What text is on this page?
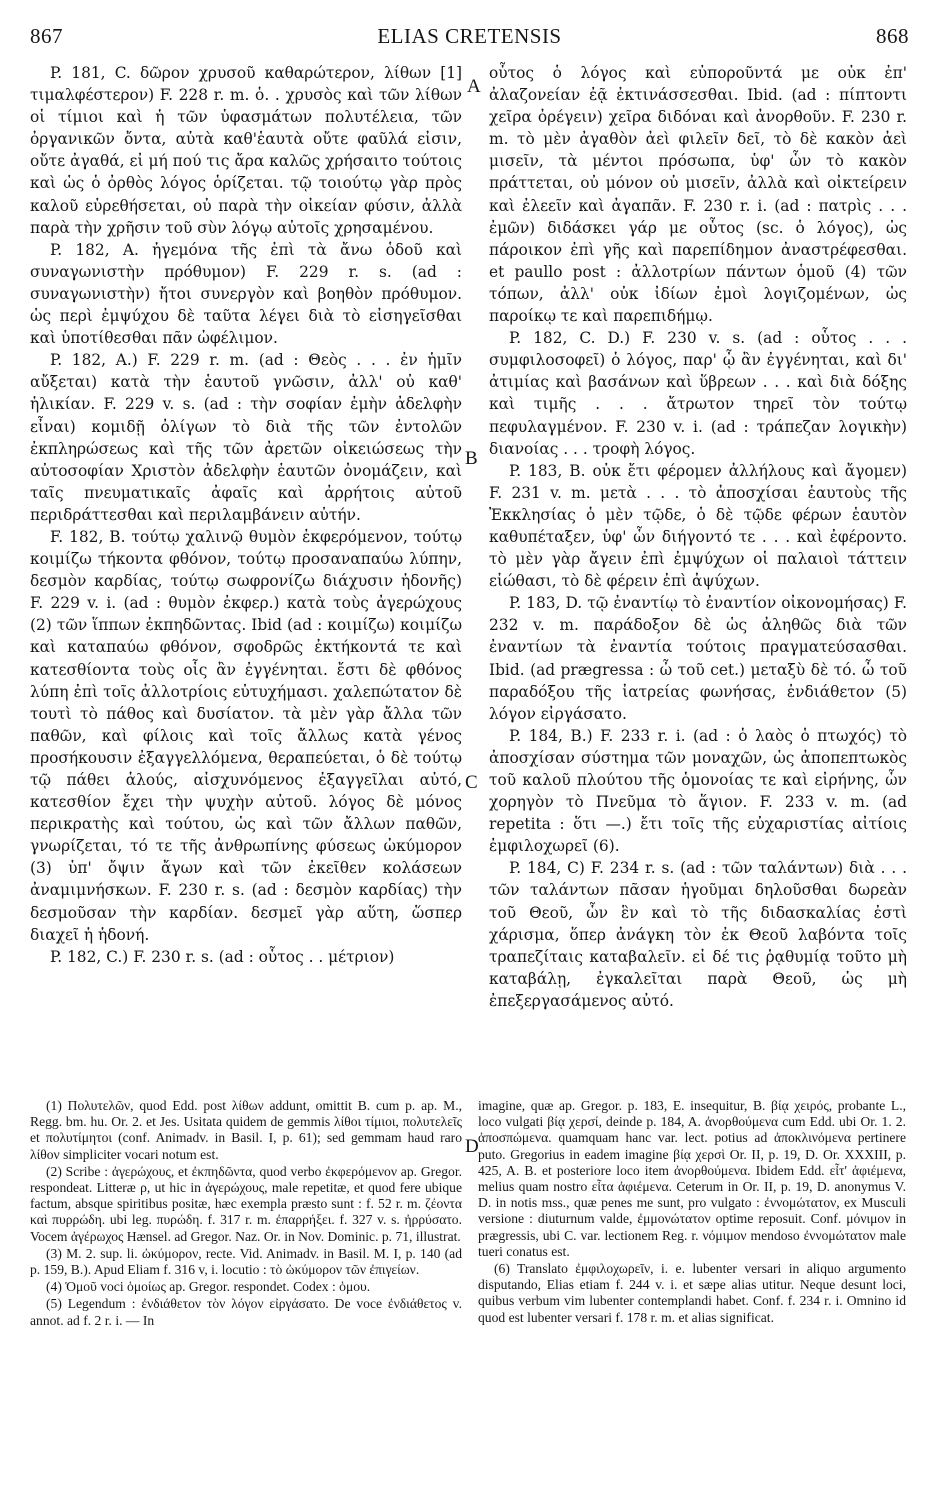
867	ELIAS CRETENSIS	868

P. 181, C. δῶρον χρυσοῦ καθαρώτερον, λίθων [1] τιμαλφέστερον) F. 228 r. m. ὁ. . χρυσὸς καὶ τῶν λίθων οἱ τίμιοι καὶ ἡ τῶν ὑφασμάτων πολυτέλεια, τῶν ὀργανικῶν ὄντα, αὐτὰ καθ'ἑαυτὰ οὔτε φαῦλά εἰσιν, οὔτε ἀγαθά, εἰ μή πού τις ἄρα καλῶς χρήσαιτο τούτοις καὶ ὡς ὁ ὀρθὸς λόγος ὁρίζεται. τῷ τοιούτῳ γὰρ πρὸς καλοῦ εὑρεθήσεται, οὐ παρὰ τὴν οἰκείαν φύσιν, ἀλλὰ παρὰ τὴν χρῆσιν τοῦ σὺν λόγῳ αὐτοῖς χρησαμένου.

P. 182, A. ἡγεμόνα τῆς ἐπὶ τὰ ἄνω ὁδοῦ καὶ συναγωνιστὴν πρόθυμον) F. 229 r. s. (ad : συναγωνιστὴν) ἤτοι συνεργὸν καὶ βοηθὸν πρόθυμον. ὡς περὶ ἐμψύχου δὲ ταῦτα λέγει διὰ τὸ εἰσηγεῖσθαι καὶ ὑποτίθεσθαι πᾶν ὠφέλιμον.

P. 182, A.) F. 229 r. m. (ad : Θεὸς . . . ἐν ἡμῖν αὔξεται) κατὰ τὴν ἑαυτοῦ γνῶσιν, ἀλλ' οὐ καθ' ἡλικίαν. F. 229 v. s. (ad : τὴν σοφίαν ἐμὴν ἀδελφὴν εἶναι) κομιδῇ ὀλίγων τὸ διὰ τῆς τῶν ἐντολῶν ἐκπληρώσεως καὶ τῆς τῶν ἀρετῶν οἰκειώσεως τὴν αὐτοσοφίαν Χριστὸν ἀδελφὴν ἑαυτῶν ὀνομάζειν, καὶ ταῖς πνευματικαῖς ἀφαῖς καὶ ἀρρήτοις αὐτοῦ περιδράττεσθαι καὶ περιλαμβάνειν αὐτήν.

F. 182, B. τούτῳ χαλινῷ θυμὸν ἐκφερόμενον, τούτῳ κοιμίζω τήκοντα φθόνον, τούτῳ προσαναπαύω λύπην, δεσμὸν καρδίας, τούτῳ σωφρονίζω διάχυσιν ἡδονῆς) F. 229 v. i. (ad : θυμὸν ἐκφερ.) κατὰ τοὺς ἀγερώχους (2) τῶν ἵππων ἐκπηδῶντας. Ibid (ad : κοιμίζω) κοιμίζω καὶ καταπαύω φθόνον, σφοδρῶς ἐκτήκοντά τε καὶ κατεσθίοντα τοὺς οἷς ἂν ἐγγένηται. ἔστι δὲ φθόνος λύπη ἐπὶ τοῖς ἀλλοτρίοις εὐτυχήμασι. χαλεπώτατον δὲ τουτὶ τὸ πάθος καὶ δυσίατον. τὰ μὲν γὰρ ἄλλα τῶν παθῶν, καὶ φίλοις καὶ τοῖς ἄλλως κατὰ γένος προσήκουσιν ἐξαγγελλόμενα, θεραπεύεται, ὁ δὲ τούτῳ τῷ πάθει ἁλούς, αἰσχυνόμενος ἐξαγγεῖλαι αὐτό, κατεσθίον ἔχει τὴν ψυχὴν αὐτοῦ. λόγος δὲ μόνος περικρατὴς καὶ τούτου, ὡς καὶ τῶν ἄλλων παθῶν, γνωρίζεται, τό τε τῆς ἀνθρωπίνης φύσεως ὠκύμορον (3) ὑπ' ὄψιν ἄγων καὶ τῶν ἐκεῖθεν κολάσεων ἀναμιμνήσκων. F. 230 r. s. (ad : δεσμὸν καρδίας) τὴν δεσμοῦσαν τὴν καρδίαν. δεσμεῖ γὰρ αὕτη, ὥσπερ διαχεῖ ἡ ἡδονή.

P. 182, C.) F. 230 r. s. (ad : οὗτος . . μέτριον)

A
B
C
D

οὗτος ὁ λόγος καὶ εὐποροῦντά με οὐκ ἐπ' ἀλαζονείαν ἐᾷ ἐκτινάσσεσθαι. Ibid. (ad : πίπτοντι χεῖρα ὀρέγειν) χεῖρα διδόναι καὶ ἀνορθοῦν. F. 230 r. m. τὸ μὲν ἀγαθὸν ἀεὶ φιλεῖν δεῖ, τὸ δὲ κακὸν ἀεὶ μισεῖν, τὰ μέντοι πρόσωπα, ὑφ' ὧν τὸ κακὸν πράττεται, οὐ μόνον οὐ μισεῖν, ἀλλὰ καὶ οἰκτείρειν καὶ ἐλεεῖν καὶ ἀγαπᾶν. F. 230 r. i. (ad : πατρὶς . . . ἐμῶν) διδάσκει γάρ με οὗτος (sc. ὁ λόγος), ὡς πάροικον ἐπὶ γῆς καὶ παρεπίδημον ἀναστρέφεσθαι. et paullo post : ἀλλοτρίων πάντων ὁμοῦ (4) τῶν τόπων, ἀλλ' οὐκ ἰδίων ἐμοὶ λογιζομένων, ὡς παροίκῳ τε καὶ παρεπιδήμῳ.

P. 182, C. D.) F. 230 v. s. (ad : οὗτος . . . συμφιλοσοφεῖ) ὁ λόγος, παρ' ᾧ ἂν ἐγγένηται, καὶ δι' ἀτιμίας καὶ βασάνων καὶ ὕβρεων . . . καὶ διὰ δόξης καὶ τιμῆς . . . ἄτρωτον τηρεῖ τὸν τούτῳ πεφυλαγμένον. F. 230 v. i. (ad : τράπεζαν λογικὴν) διανοίας . . . τροφὴ λόγος.

P. 183, B. οὐκ ἔτι φέρομεν ἀλλήλους καὶ ἄγομεν) F. 231 v. m. μετὰ . . . τὸ ἀποσχίσαι ἑαυτοὺς τῆς Ἐκκλησίας ὁ μὲν τῷδε, ὁ δὲ τῷδε φέρων ἑαυτὸν καθυπέταξεν, ὑφ' ὧν διήγοντό τε . . . καὶ ἐφέροντο. τὸ μὲν γὰρ ἄγειν ἐπὶ ἐμψύχων οἱ παλαιοὶ τάττειν εἰώθασι, τὸ δὲ φέρειν ἐπὶ ἀψύχων.

P. 183, D. τῷ ἐναντίῳ τὸ ἐναντίον οἰκονομήσας) F. 232 v. m. παράδοξον δὲ ὡς ἀληθῶς διὰ τῶν ἐναντίων τὰ ἐναντία τούτοις πραγματεύσασθαι. Ibid. (ad prægressa : ὦ τοῦ cet.) μεταξὺ δὲ τό. ὦ τοῦ παραδόξου τῆς ἰατρείας φωνήσας, ἐνδιάθετον (5) λόγον εἰργάσατο.

P. 184, B.) F. 233 r. i. (ad : ὁ λαὸς ὁ πτωχός) τὸ ἀποσχίσαν σύστημα τῶν μοναχῶν, ὡς ἀποπεπτωκὸς τοῦ καλοῦ πλούτου τῆς ὁμονοίας τε καὶ εἰρήνης, ὧν χορηγὸν τὸ Πνεῦμα τὸ ἅγιον. F. 233 v. m. (ad repetita : ὅτι —.) ἔτι τοῖς τῆς εὐχαριστίας αἰτίοις ἐμφιλοχωρεῖ (6).

P. 184, C) F. 234 r. s. (ad : τῶν ταλάντων) διὰ . . . τῶν ταλάντων πᾶσαν ἡγοῦμαι δηλοῦσθαι δωρεὰν τοῦ Θεοῦ, ὧν ἓν καὶ τὸ τῆς διδασκαλίας ἐστὶ χάρισμα, ὅπερ ἀνάγκη τὸν ἐκ Θεοῦ λαβόντα τοῖς τραπεζίταις καταβαλεῖν. εἰ δέ τις ῥᾳθυμίᾳ τοῦτο μὴ καταβάλῃ, ἐγκαλεῖται παρὰ Θεοῦ, ὡς μὴ ἐπεξεργασάμενος αὐτό.

(1) Πολυτελῶν, quod Edd. post λίθων addunt, omittit B. cum p. ap. M., Regg. bm. hu. Or. 2. et Jes. Usitata quidem de gemmis λίθοι τίμιοι, πολυτελεῖς et πολυτίμητοι (conf. Animadv. in Basil. I, p. 61); sed gemmam haud raro λίθον simpliciter vocari notum est.

(2) Scribe : ἀγερώχους, et ἐκπηδῶντα, quod verbo ἐκφερόμενον ap. Gregor. respondeat. Litteræ ρ, ut hic in ἀγερώχους, male repetitæ, et quod fere ubique factum, absque spiritibus positæ, hæc exempla præsto sunt : f. 52 r. m. ζέοντα καὶ πυρρώδη. ubi leg. πυρώδη. f. 317 r. m. ἐπαρρήξει. f. 327 v. s. ἠρρύσατο. Vocem ἀγέρωχος Hænsel. ad Gregor. Naz. Or. in Nov. Dominic. p. 71, illustrat.

(3) M. 2. sup. li. ὠκύμορον, recte. Vid. Animadv. in Basil. M. I, p. 140 (ad p. 159, B.). Apud Eliam f. 316 v, i. locutio : τὸ ὠκύμορον τῶν ἐπιγείων.

(4) Ὁμοῦ voci ὁμοίως ap. Gregor. respondet. Codex : ὁμου.

(5) Legendum : ἐνδιάθετον τὸν λόγον εἰργάσατο. De voce ἐνδιάθετος v. annot. ad f. 2 r. i. — In

imagine, quæ ap. Gregor. p. 183, E. insequitur, B. βίᾳ χειρός, probante L., loco vulgati βίᾳ χερσί, deinde p. 184, A. ἀνορθούμενα cum Edd. ubi Or. 1. 2. ἀποσπώμενα. quamquam hanc var. lect. potius ad ἀποκλινόμενα pertinere puto. Gregorius in eadem imagine βίᾳ χερσὶ Or. II, p. 19, D. Or. XXXIII, p. 425, A. B. et posteriore loco item ἀνορθούμενα. Ibidem Edd. εἶτ' ἀφιέμενα, melius quam nostro εἶτα ἀφιέμενα. Ceterum in Or. II, p. 19, D. anonymus V. D. in notis mss., quæ penes me sunt, pro vulgato : ἐννομώτατον, ex Musculi versione : diuturnum valde, ἐμμονώτατον optime reposuit. Conf. μόνιμον in prægressis, ubi C. var. lectionem Reg. r. νόμιμον mendoso ἐννομώτατον male tueri conatus est.

(6) Translato ἐμφιλοχωρεῖν, i. e. lubenter versari in aliquo argumento disputando, Elias etiam f. 244 v. i. et sæpe alias utitur. Neque desunt loci, quibus verbum vim lubenter contemplandi habet. Conf. f. 234 r. i. Omnino id quod est lubenter versari f. 178 r. m. et alias significat.
